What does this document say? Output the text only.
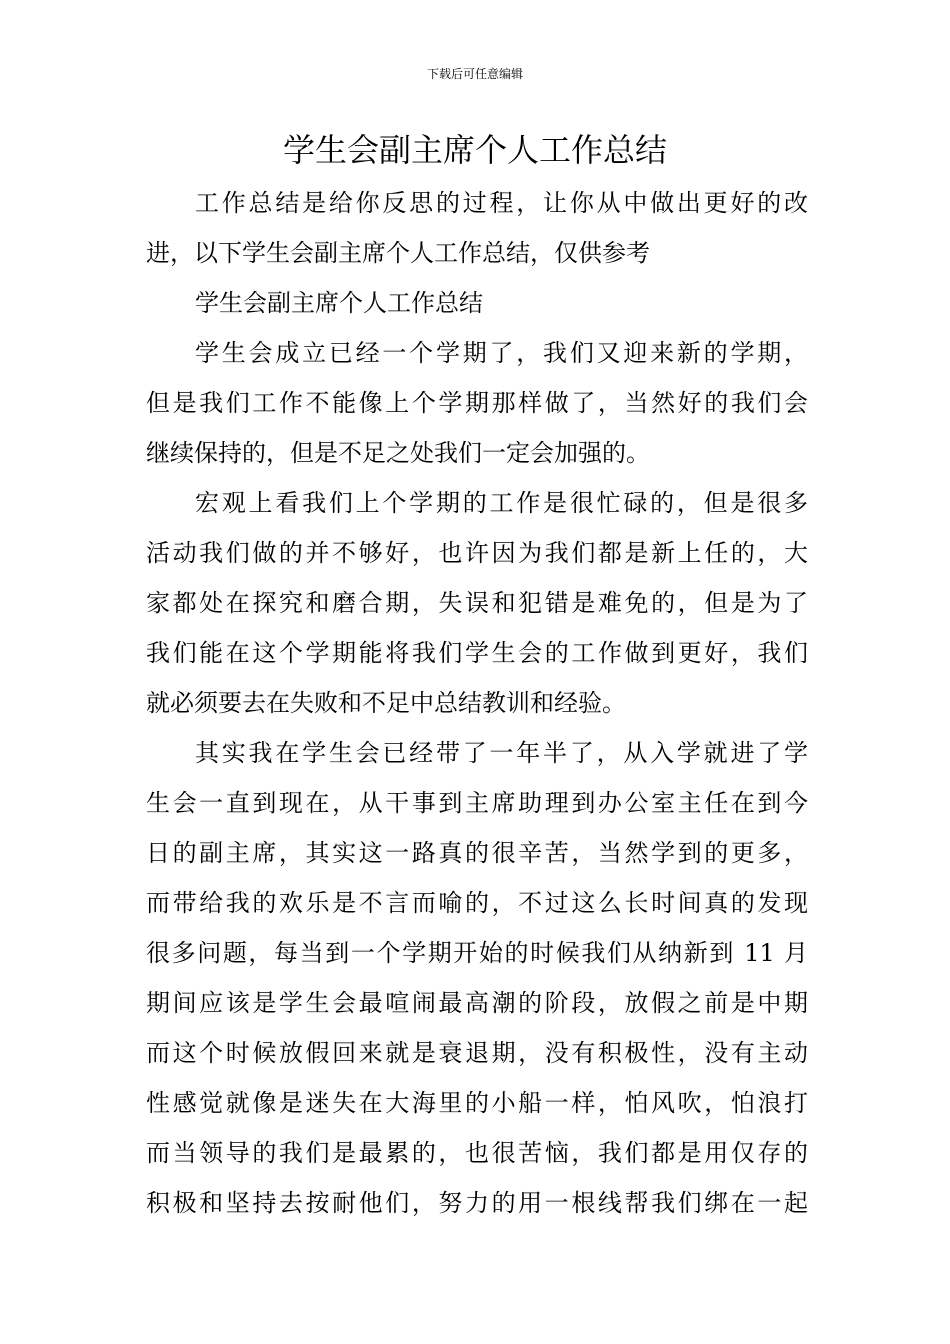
下载后可任意编辑
学生会副主席个人工作总结
工作总结是给你反思的过程，让你从中做出更好的改
进，以下学生会副主席个人工作总结，仅供参考
学生会副主席个人工作总结
学生会成立已经一个学期了，我们又迎来新的学期，
但是我们工作不能像上个学期那样做了，当然好的我们会
继续保持的，但是不足之处我们一定会加强的。
宏观上看我们上个学期的工作是很忙碌的，但是很多
活动我们做的并不够好，也许因为我们都是新上任的，大
家都处在探究和磨合期，失误和犯错是难免的，但是为了
我们能在这个学期能将我们学生会的工作做到更好，我们
就必须要去在失败和不足中总结教训和经验。
其实我在学生会已经带了一年半了，从入学就进了学
生会一直到现在，从干事到主席助理到办公室主任在到今
日的副主席，其实这一路真的很辛苦，当然学到的更多，
而带给我的欢乐是不言而喻的，不过这么长时间真的发现
很多问题，每当到一个学期开始的时候我们从纳新到 11 月
期间应该是学生会最喧闹最高潮的阶段，放假之前是中期
而这个时候放假回来就是衰退期，没有积极性，没有主动
性感觉就像是迷失在大海里的小船一样，怕风吹，怕浪打
而当领导的我们是最累的，也很苦恼，我们都是用仅存的
积极和坚持去按耐他们，努力的用一根线帮我们绑在一起
